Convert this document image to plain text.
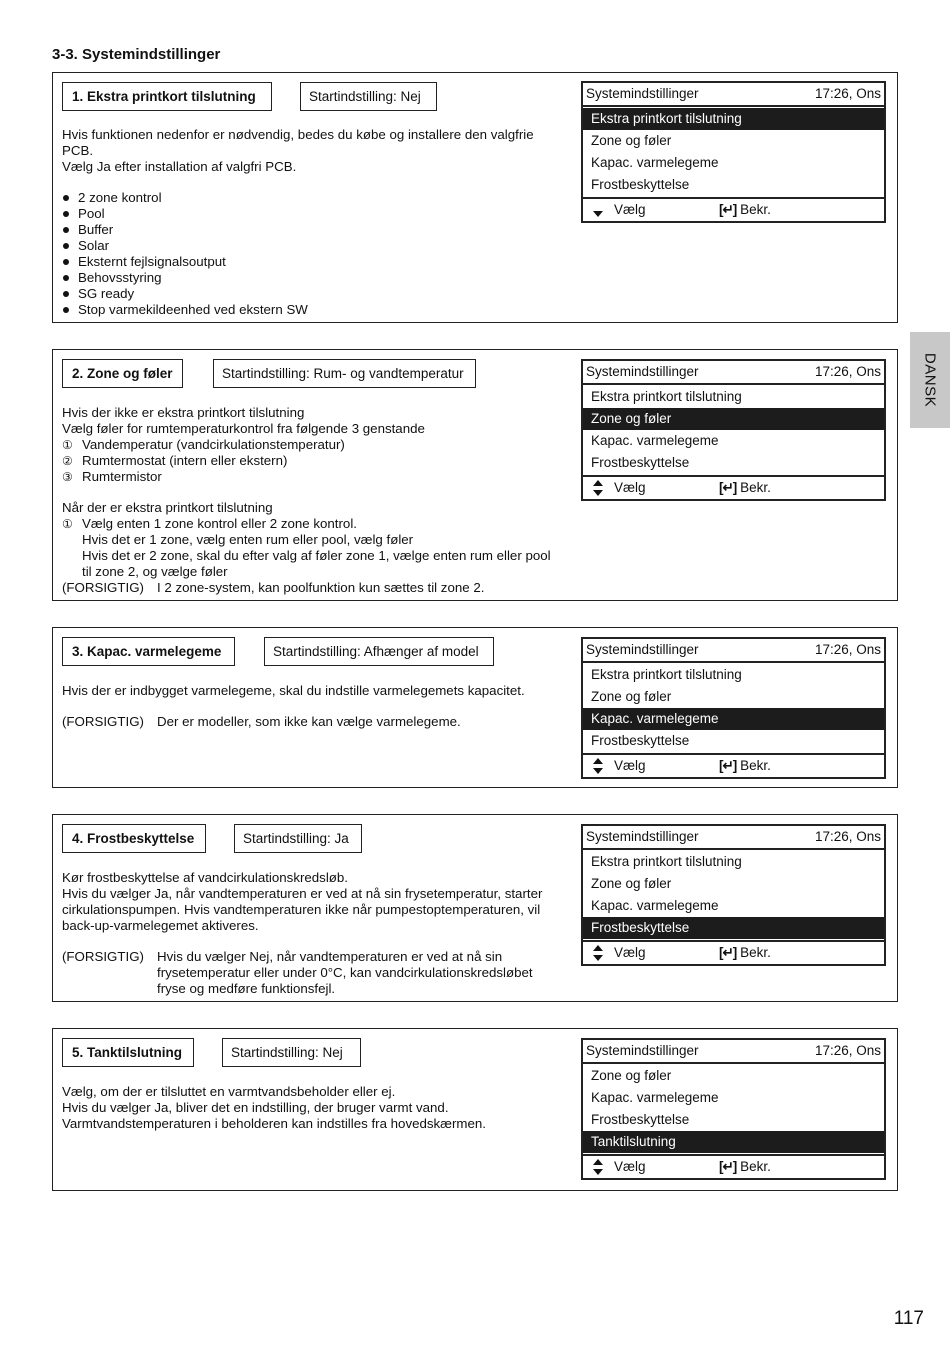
3-3. Systemindstillinger
1. Ekstra printkort tilslutning	Startindstilling: Nej

Hvis funktionen nedenfor er nødvendig, bedes du købe og installere den valgfrie PCB.

Vælg Ja efter installation af valgfri PCB.

2 zone kontrol
Pool
Buffer
Solar
Eksternt fejlsignalsoutput
Behovsstyring
SG ready
Stop varmekildeenhed ved ekstern SW
Systemindstillinger	17:26, Ons
Ekstra printkort tilslutning
Zone og føler
Kapac. varmelegeme
Frostbeskyttelse
Vælg	[↵] Bekr.
2. Zone og føler	Startindstilling: Rum- og vandtemperatur

Hvis der ikke er ekstra printkort tilslutning

Vælg føler for rumtemperaturkontrol fra følgende 3 genstande

① Vandemperatur (vandcirkulationstemperatur)
② Rumtermostat (intern eller ekstern)
③ Rumtermistor

Når der er ekstra printkort tilslutning

① Vælg enten 1 zone kontrol eller 2 zone kontrol.

Hvis det er 1 zone, vælg enten rum eller pool, vælg føler

Hvis det er 2 zone, skal du efter valg af føler zone 1, vælge enten rum eller pool til zone 2, og vælge føler

(FORSIGTIG) I 2 zone-system, kan poolfunktion kun sættes til zone 2.
Systemindstillinger	17:26, Ons
Ekstra printkort tilslutning
Zone og føler
Kapac. varmelegeme
Frostbeskyttelse
Vælg	[↵] Bekr.
3. Kapac. varmelegeme	Startindstilling: Afhænger af model

Hvis der er indbygget varmelegeme, skal du indstille varmelegemets kapacitet.

(FORSIGTIG) Der er modeller, som ikke kan vælge varmelegeme.
Systemindstillinger	17:26, Ons
Ekstra printkort tilslutning
Zone og føler
Kapac. varmelegeme
Frostbeskyttelse
Vælg	[↵] Bekr.
4. Frostbeskyttelse	Startindstilling: Ja

Kør frostbeskyttelse af vandcirkulationskredsløb.

Hvis du vælger Ja, når vandtemperaturen er ved at nå sin frysetemperatur, starter cirkulationspumpen. Hvis vandtemperaturen ikke når pumpestoptemperaturen, vil back-up-varmelegemet aktiveres.

(FORSIGTIG) Hvis du vælger Nej, når vandtemperaturen er ved at nå sin frysetemperatur eller under 0°C, kan vandcirkulationskredsløbet fryse og medføre funktionsfejl.
Systemindstillinger	17:26, Ons
Ekstra printkort tilslutning
Zone og føler
Kapac. varmelegeme
Frostbeskyttelse
Vælg	[↵] Bekr.
5. Tanktilslutning	Startindstilling: Nej

Vælg, om der er tilsluttet en varmtvandsbeholder eller ej.

Hvis du vælger Ja, bliver det en indstilling, der bruger varmt vand.

Varmtvandstemperaturen i beholderen kan indstilles fra hovedskærmen.

Systemindstillinger	17:26, Ons
Zone og føler
Kapac. varmelegeme
Frostbeskyttelse
Tanktilslutning
Vælg	[↵] Bekr.
DANSK
117
